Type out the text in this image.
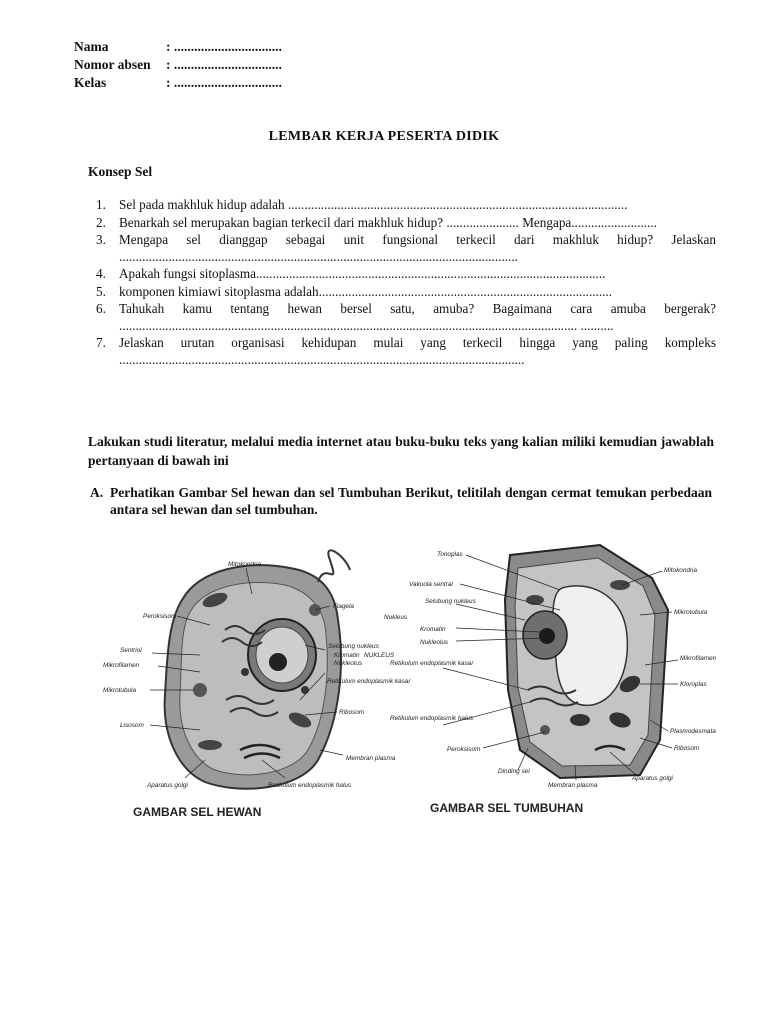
Nama	: ................................
Nomor absen	: ................................
Kelas	: ................................
LEMBAR KERJA PESERTA DIDIK
Konsep Sel
1. Sel pada makhluk hidup adalah .......................................................................................................
2. Benarkah sel merupakan bagian terkecil dari makhluk hidup? ...................... Mengapa..........................
3. Mengapa sel dianggap sebagai unit fungsional terkecil dari makhluk hidup? Jelaskan .........................................................................................................................
4. Apakah fungsi sitoplasma..........................................................................................................
5. komponen kimiawi sitoplasma adalah.........................................................................................
6. Tahukah kamu tentang hewan bersel satu, amuba? Bagaimana cara amuba bergerak? ........................................................................................................................................... ..........
7. Jelaskan urutan organisasi kehidupan mulai yang terkecil hingga yang paling kompleks ...........................................................................................................................
Lakukan studi literatur, melalui media internet atau buku-buku teks yang kalian miliki kemudian jawablah pertanyaan di bawah ini
A. Perhatikan Gambar Sel hewan dan sel Tumbuhan Berikut, telitilah dengan cermat temukan perbedaan antara sel hewan dan sel tumbuhan.
Mitokondria
Flagela
Peroksisom
Selubung nukleus
Kromatin
Nukleolus
NUKLEUS
Sentriol
Mikrofilamen
Mikrotubula
Retikulum endoplasmik kasar
Ribosom
Lisosom
Membran plasma
Aparatus golgi	Retikulum endoplasmik halus
GAMBAR SEL HEWAN
Tonoplas
Mitokondria
Vakuola sentral
Selubung nukleus
Nukleus
Kromatin
Nukleolus
Mikrotubula
Retikulum endoplasmik kasar
Mikrofilamen
Kloroplas
Retikulum endoplasmik halus
Plasmodesmata
Peroksisom	Ribosom
Dinding sel
Membran plasma
Aparatus golgi
GAMBAR SEL TUMBUHAN
